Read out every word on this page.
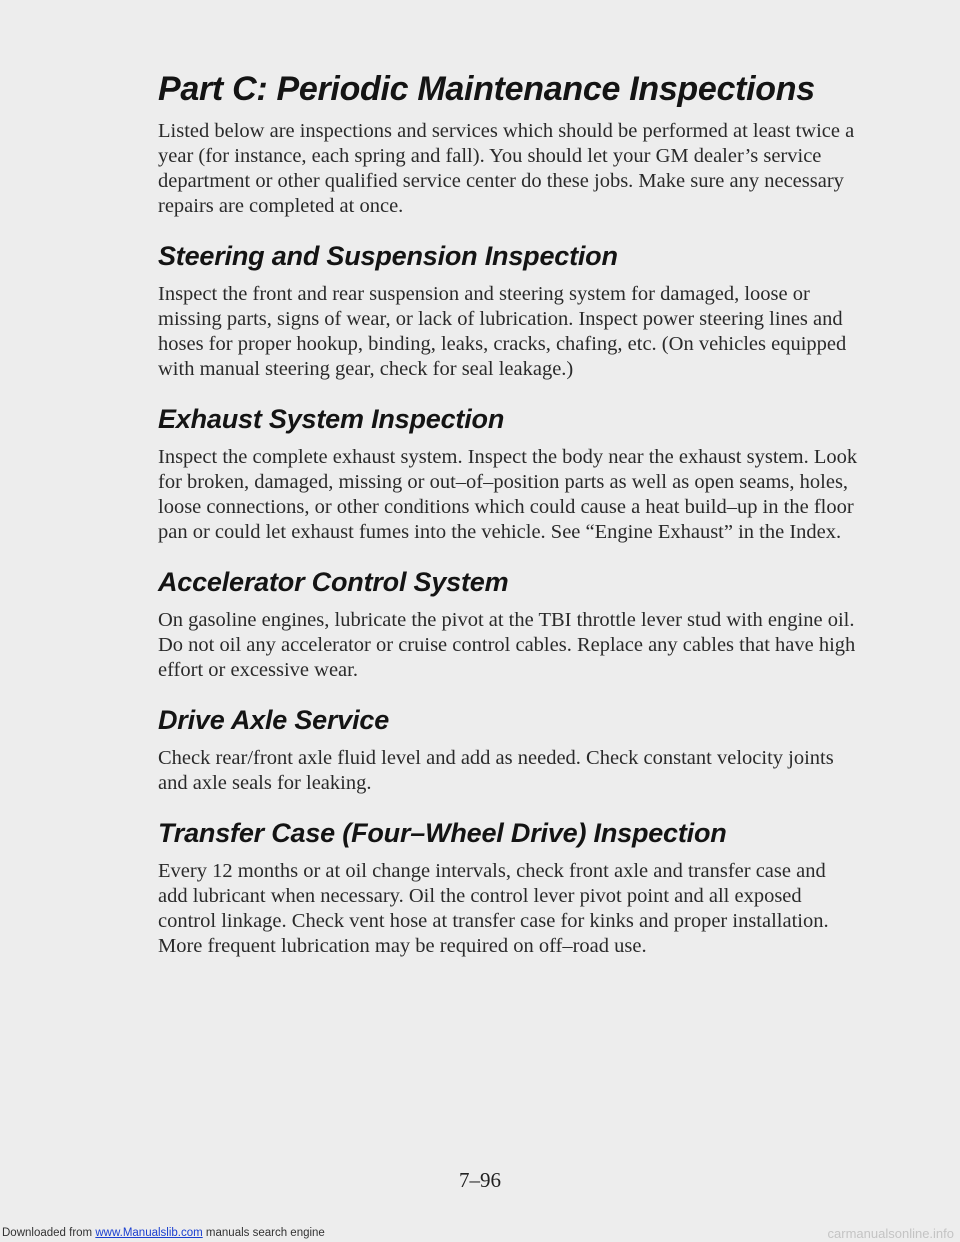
Part C: Periodic Maintenance Inspections

Listed below are inspections and services which should be performed at least twice a year (for instance, each spring and fall). You should let your GM dealer’s service department or other qualified service center do these jobs. Make sure any necessary repairs are completed at once.

Steering and Suspension Inspection

Inspect the front and rear suspension and steering system for damaged, loose or missing parts, signs of wear, or lack of lubrication. Inspect power steering lines and hoses for proper hookup, binding, leaks, cracks, chafing, etc. (On vehicles equipped with manual steering gear, check for seal leakage.)

Exhaust System Inspection

Inspect the complete exhaust system. Inspect the body near the exhaust system. Look for broken, damaged, missing or out–of–position parts as well as open seams, holes, loose connections, or other conditions which could cause a heat build–up in the floor pan or could let exhaust fumes into the vehicle. See “Engine Exhaust” in the Index.

Accelerator Control System

On gasoline engines, lubricate the pivot at the TBI throttle lever stud with engine oil. Do not oil any accelerator or cruise control cables. Replace any cables that have high effort or excessive wear.

Drive Axle Service

Check rear/front axle fluid level and add as needed. Check constant velocity joints and axle seals for leaking.

Transfer Case (Four–Wheel Drive) Inspection

Every 12 months or at oil change intervals, check front axle and transfer case and add lubricant when necessary. Oil the control lever pivot point and all exposed control linkage. Check vent hose at transfer case for kinks and proper installation. More frequent lubrication may be required on off–road use.

7–96
Downloaded from www.Manualslib.com manuals search engine	carmanualsonline.info
